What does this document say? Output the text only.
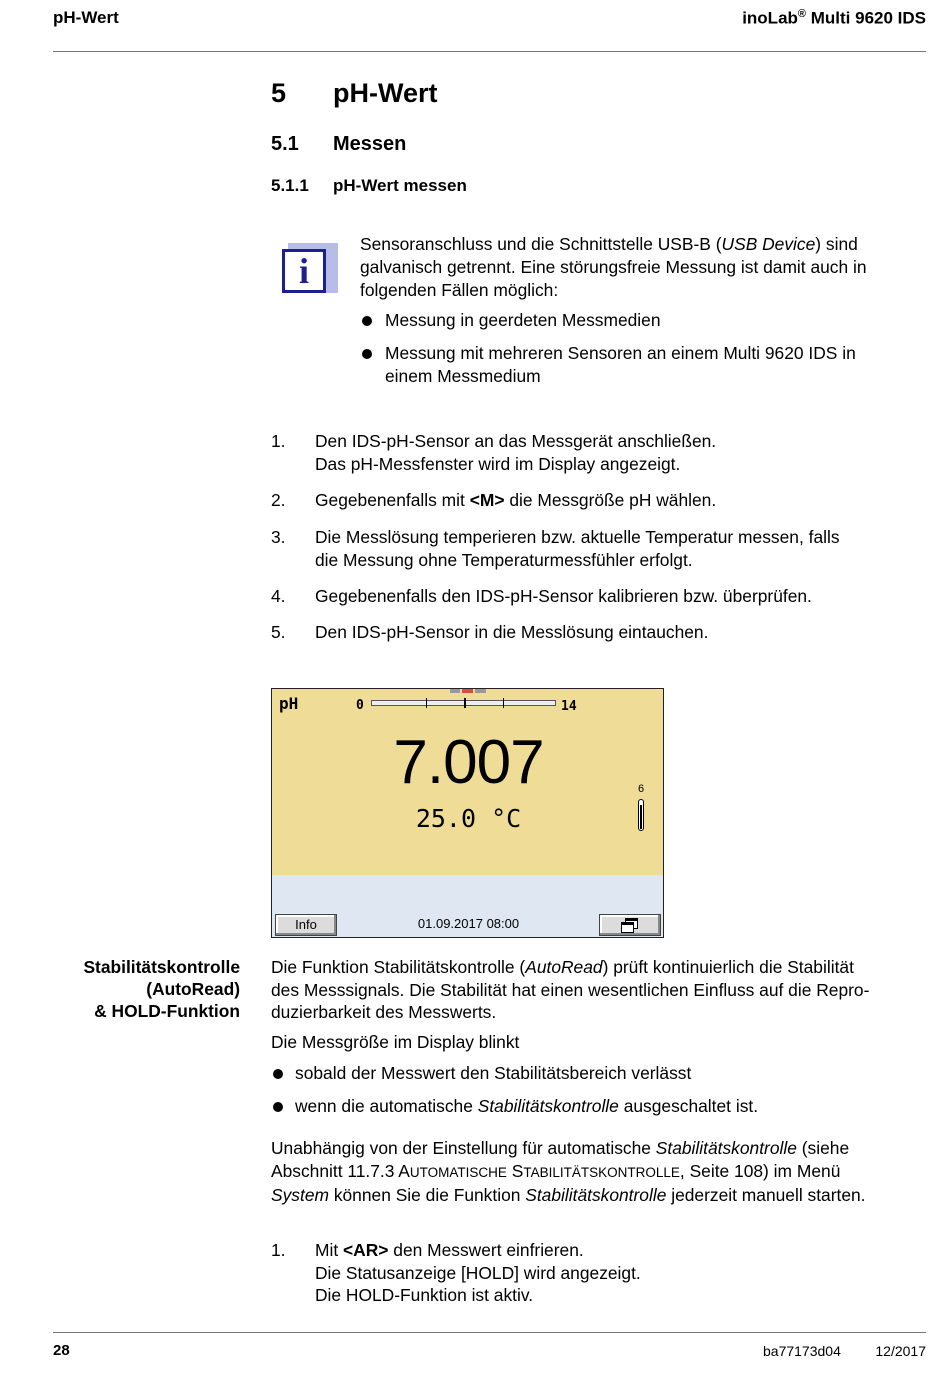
pH-Wert	inoLab® Multi 9620 IDS
5 pH-Wert
5.1 Messen
5.1.1 pH-Wert messen
i
Sensoranschluss und die Schnittstelle USB-B (USB Device) sind
galvanisch getrennt. Eine störungsfreie Messung ist damit auch in
folgenden Fällen möglich:
Messung in geerdeten Messmedien
Messung mit mehreren Sensoren an einem Multi 9620 IDS in
einem Messmedium
1. Den IDS-pH-Sensor an das Messgerät anschließen.
Das pH-Messfenster wird im Display angezeigt.
2. Gegebenenfalls mit <M> die Messgröße pH wählen.
3. Die Messlösung temperieren bzw. aktuelle Temperatur messen, falls
die Messung ohne Temperaturmessfühler erfolgt.
4. Gegebenenfalls den IDS-pH-Sensor kalibrieren bzw. überprüfen.
5. Den IDS-pH-Sensor in die Messlösung eintauchen.
pH	0	14
7.007
25.0 °C
6
Info	01.09.2017 08:00
Stabilitätskontrolle
(AutoRead)
& HOLD-Funktion
Die Funktion Stabilitätskontrolle (AutoRead) prüft kontinuierlich die Stabilität
des Messsignals. Die Stabilität hat einen wesentlichen Einfluss auf die Repro-
duzierbarkeit des Messwerts.
Die Messgröße im Display blinkt
sobald der Messwert den Stabilitätsbereich verlässt
wenn die automatische Stabilitätskontrolle ausgeschaltet ist.
Unabhängig von der Einstellung für automatische Stabilitätskontrolle (siehe
Abschnitt 11.7.3 AUTOMATISCHE STABILITÄTSKONTROLLE, Seite 108) im Menü
System können Sie die Funktion Stabilitätskontrolle jederzeit manuell starten.
1. Mit <AR> den Messwert einfrieren.
Die Statusanzeige [HOLD] wird angezeigt.
Die HOLD-Funktion ist aktiv.
28	ba77173d04 12/2017
